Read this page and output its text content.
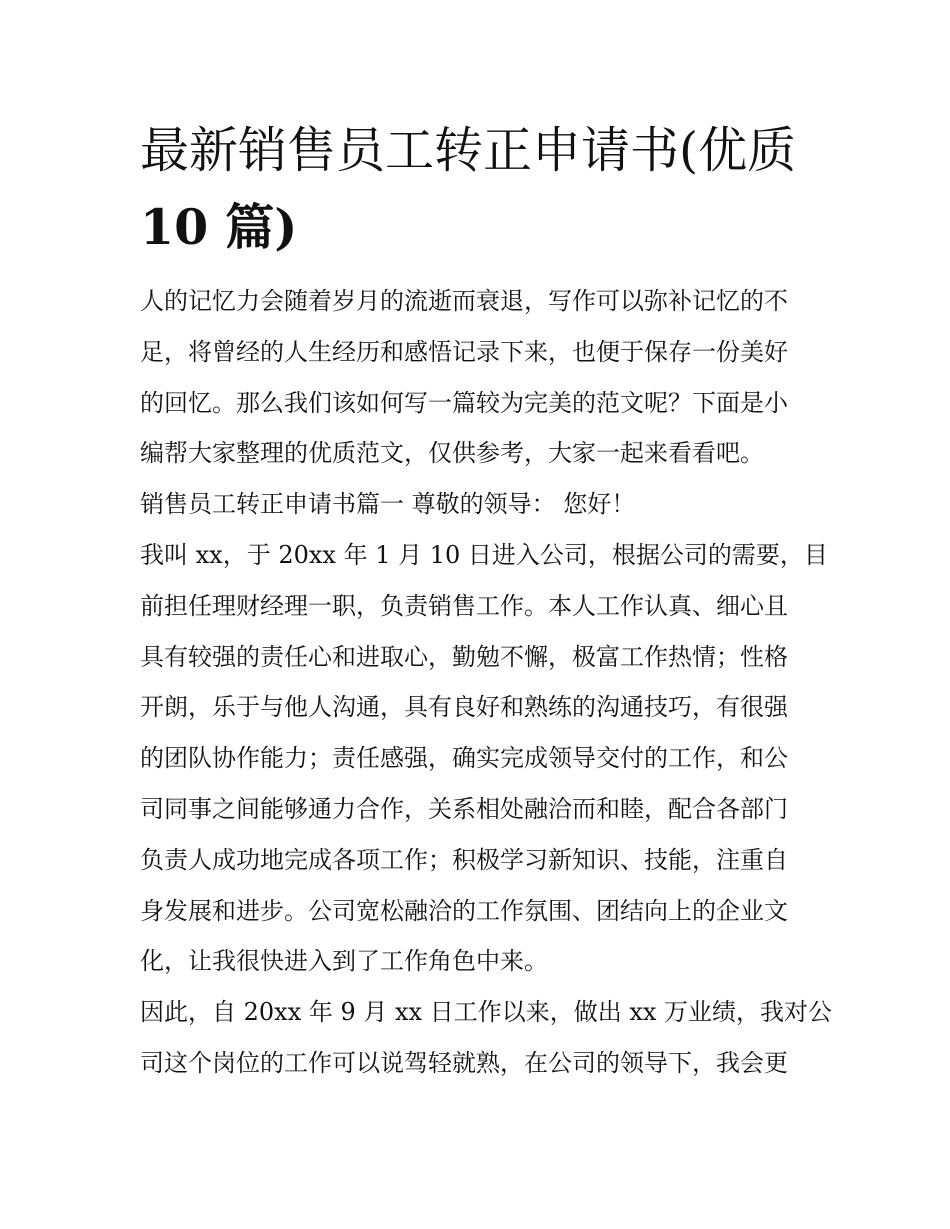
最新销售员工转正申请书(优质
10 篇)
人的记忆力会随着岁月的流逝而衰退，写作可以弥补记忆的不
足，将曾经的人生经历和感悟记录下来，也便于保存一份美好
的回忆。那么我们该如何写一篇较为完美的范文呢？下面是小
编帮大家整理的优质范文，仅供参考，大家一起来看看吧。
销售员工转正申请书篇一 尊敬的领导： 您好！
我叫 xx，于 20xx 年 1 月 10 日进入公司，根据公司的需要，目
前担任理财经理一职，负责销售工作。本人工作认真、细心且
具有较强的责任心和进取心，勤勉不懈，极富工作热情；性格
开朗，乐于与他人沟通，具有良好和熟练的沟通技巧，有很强
的团队协作能力；责任感强，确实完成领导交付的工作，和公
司同事之间能够通力合作，关系相处融洽而和睦，配合各部门
负责人成功地完成各项工作；积极学习新知识、技能，注重自
身发展和进步。公司宽松融洽的工作氛围、团结向上的企业文
化，让我很快进入到了工作角色中来。
因此，自 20xx 年 9 月 xx 日工作以来，做出 xx 万业绩，我对公
司这个岗位的工作可以说驾轻就熟，在公司的领导下，我会更
